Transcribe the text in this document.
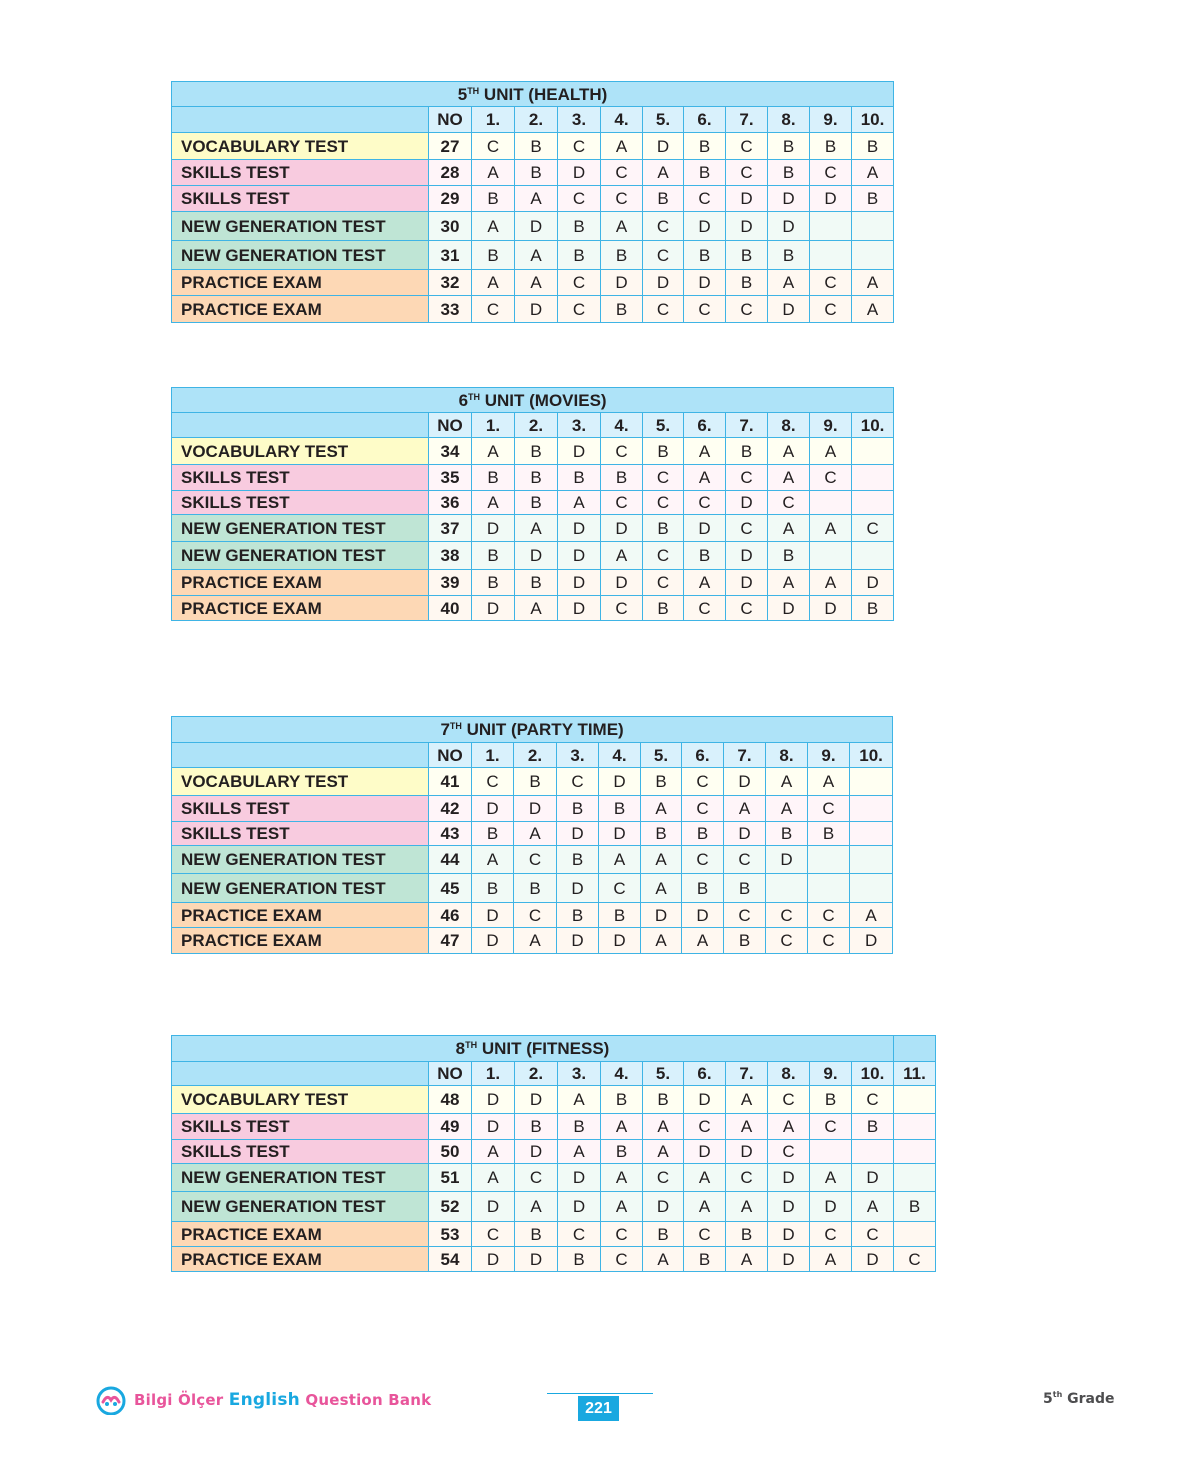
5TH UNIT (HEALTH)											
	NO	1.	2.	3.	4.	5.	6.	7.	8.	9.	10.
VOCABULARY TEST	27	C	B	C	A	D	B	C	B	B	B
SKILLS TEST	28	A	B	D	C	A	B	C	B	C	A
SKILLS TEST	29	B	A	C	C	B	C	D	D	D	B
NEW GENERATION TEST	30	A	D	B	A	C	D	D	D		
NEW GENERATION TEST	31	B	A	B	B	C	B	B	B		
PRACTICE EXAM	32	A	A	C	D	D	D	B	A	C	A
PRACTICE EXAM	33	C	D	C	B	C	C	C	D	C	A
6TH UNIT (MOVIES)											
	NO	1.	2.	3.	4.	5.	6.	7.	8.	9.	10.
VOCABULARY TEST	34	A	B	D	C	B	A	B	A	A	
SKILLS TEST	35	B	B	B	B	C	A	C	A	C	
SKILLS TEST	36	A	B	A	C	C	C	D	C		
NEW GENERATION TEST	37	D	A	D	D	B	D	C	A	A	C
NEW GENERATION TEST	38	B	D	D	A	C	B	D	B		
PRACTICE EXAM	39	B	B	D	D	C	A	D	A	A	D
PRACTICE EXAM	40	D	A	D	C	B	C	C	D	D	B
7TH UNIT (PARTY TIME)											
	NO	1.	2.	3.	4.	5.	6.	7.	8.	9.	10.
VOCABULARY TEST	41	C	B	C	D	B	C	D	A	A	
SKILLS TEST	42	D	D	B	B	A	C	A	A	C	
SKILLS TEST	43	B	A	D	D	B	B	D	B	B	
NEW GENERATION TEST	44	A	C	B	A	A	C	C	D		
NEW GENERATION TEST	45	B	B	D	C	A	B	B			
PRACTICE EXAM	46	D	C	B	B	D	D	C	C	C	A
PRACTICE EXAM	47	D	A	D	D	A	A	B	C	C	D
8TH UNIT (FITNESS)												
	NO	1.	2.	3.	4.	5.	6.	7.	8.	9.	10.	11.
VOCABULARY TEST	48	D	D	A	B	B	D	A	C	B	C	
SKILLS TEST	49	D	B	B	A	A	C	A	A	C	B	
SKILLS TEST	50	A	D	A	B	A	D	D	C			
NEW GENERATION TEST	51	A	C	D	A	C	A	C	D	A	D	
NEW GENERATION TEST	52	D	A	D	A	D	A	A	D	D	A	B
PRACTICE EXAM	53	C	B	C	C	B	C	B	D	C	C	
PRACTICE EXAM	54	D	D	B	C	A	B	A	D	A	D	C
Bilgi Ölçer English Question Bank	221
5th Grade
